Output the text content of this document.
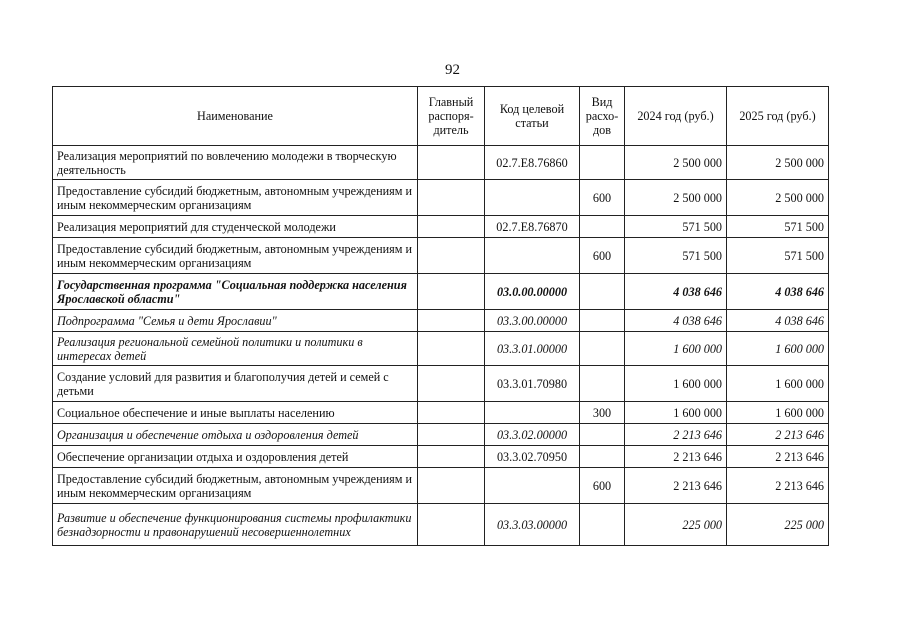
92
Наименование	Главный распоря-дитель	Код целевой статьи	Вид расхо-дов	2024 год (руб.)	2025 год (руб.)
Реализация мероприятий по вовлечению молодежи в творческую деятельность		02.7.Е8.76860		2 500 000	2 500 000
Предоставление субсидий бюджетным, автономным учреждениям и иным некоммерческим организациям			600	2 500 000	2 500 000
Реализация мероприятий для студенческой молодежи		02.7.Е8.76870		571 500	571 500
Предоставление субсидий бюджетным, автономным учреждениям и иным некоммерческим организациям			600	571 500	571 500
Государственная программа "Социальная поддержка населения Ярославской области"		03.0.00.00000		4 038 646	4 038 646
Подпрограмма "Семья и дети Ярославии"		03.3.00.00000		4 038 646	4 038 646
Реализация региональной семейной политики и политики в интересах детей		03.3.01.00000		1 600 000	1 600 000
Создание условий для развития и благополучия детей и семей с детьми		03.3.01.70980		1 600 000	1 600 000
Социальное обеспечение и иные выплаты населению			300	1 600 000	1 600 000
Организация и обеспечение отдыха и оздоровления детей		03.3.02.00000		2 213 646	2 213 646
Обеспечение организации отдыха и оздоровления детей		03.3.02.70950		2 213 646	2 213 646
Предоставление субсидий бюджетным, автономным учреждениям и иным некоммерческим организациям			600	2 213 646	2 213 646
Развитие и обеспечение функционирования системы профилактики безнадзорности и правонарушений несовершеннолетних		03.3.03.00000		225 000	225 000
